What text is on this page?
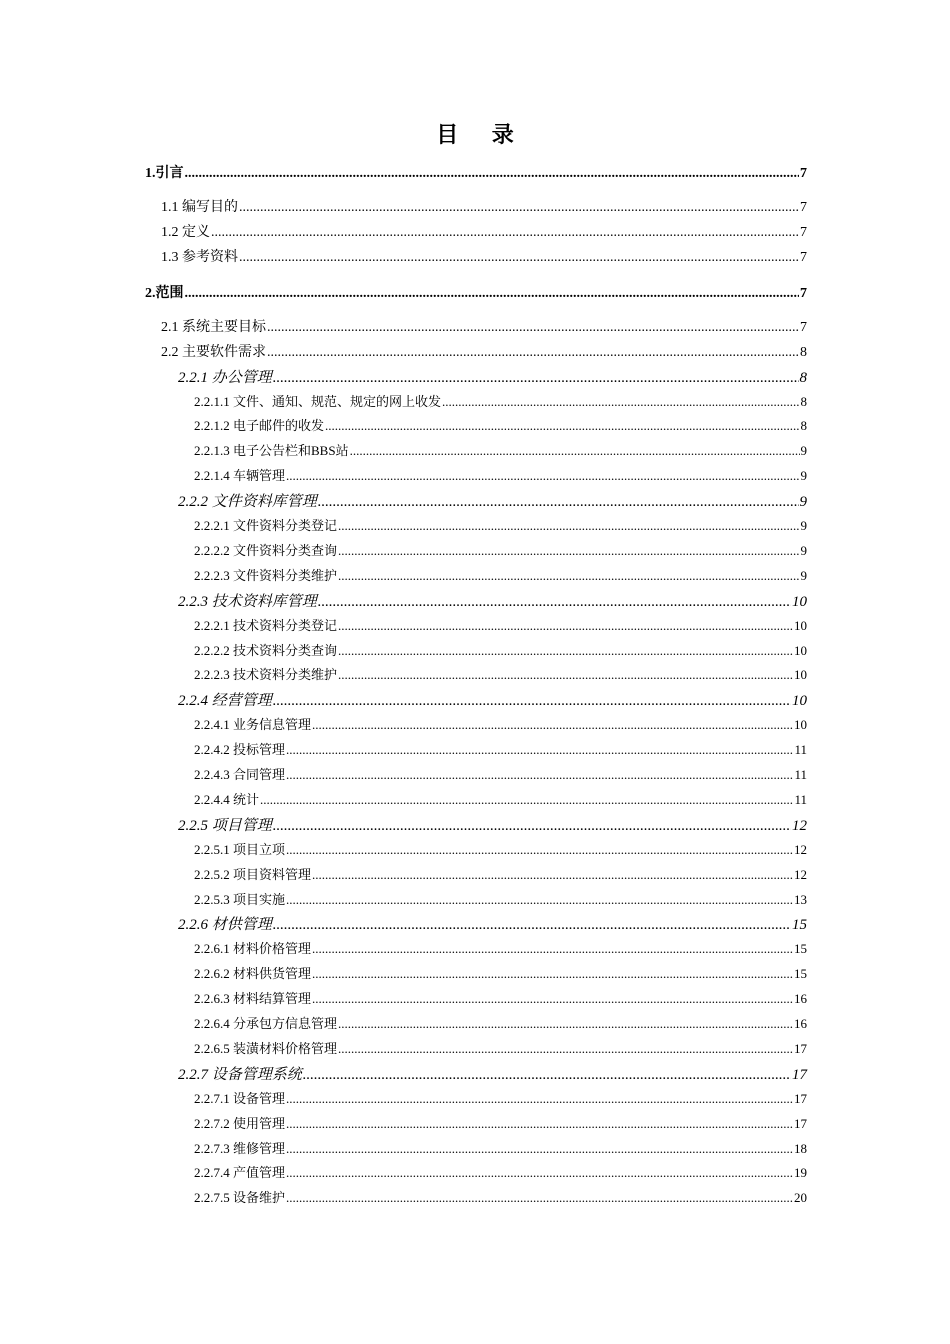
目 录
1.引言 .....	7
1.1 编写目的 .....	7
1.2 定义 .....	7
1.3 参考资料 .....	7
2.范围 .....	7
2.1 系统主要目标 .....	7
2.2 主要软件需求 .....	8
2.2.1 办公管理 .....	8
2.2.1.1 文件、通知、规范、规定的网上收发 .....	8
2.2.1.2 电子邮件的收发 .....	8
2.2.1.3 电子公告栏和BBS站 .....	9
2.2.1.4 车辆管理 .....	9
2.2.2 文件资料库管理 .....	9
2.2.2.1 文件资料分类登记 .....	9
2.2.2.2 文件资料分类查询 .....	9
2.2.2.3 文件资料分类维护 .....	9
2.2.3 技术资料库管理 .....	10
2.2.2.1 技术资料分类登记 .....	10
2.2.2.2 技术资料分类查询 .....	10
2.2.2.3 技术资料分类维护 .....	10
2.2.4 经营管理 .....	10
2.2.4.1 业务信息管理 .....	10
2.2.4.2 投标管理 .....	11
2.2.4.3 合同管理 .....	11
2.2.4.4 统计 .....	11
2.2.5 项目管理 .....	12
2.2.5.1 项目立项 .....	12
2.2.5.2 项目资料管理 .....	12
2.2.5.3 项目实施 .....	13
2.2.6 材供管理 .....	15
2.2.6.1 材料价格管理 .....	15
2.2.6.2 材料供货管理 .....	15
2.2.6.3 材料结算管理 .....	16
2.2.6.4 分承包方信息管理 .....	16
2.2.6.5 装潢材料价格管理 .....	17
2.2.7 设备管理系统 .....	17
2.2.7.1 设备管理 .....	17
2.2.7.2 使用管理 .....	17
2.2.7.3 维修管理 .....	18
2.2.7.4 产值管理 .....	19
2.2.7.5 设备维护 .....	20
